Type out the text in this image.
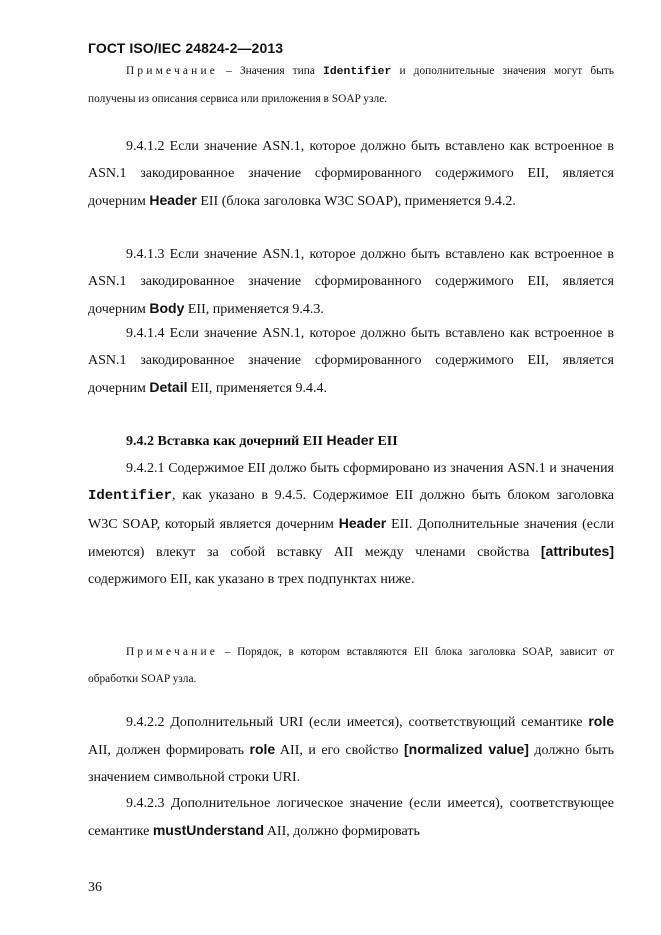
ГОСТ ISO/IEC 24824-2—2013
Примечание – Значения типа Identifier и дополнительные значения могут быть получены из описания сервиса или приложения в SOAP узле.
9.4.1.2 Если значение ASN.1, которое должно быть вставлено как встроенное в ASN.1 закодированное значение сформированного содержимого EII, является дочерним Header EII (блока заголовка W3C SOAP), применяется 9.4.2.
9.4.1.3 Если значение ASN.1, которое должно быть вставлено как встроенное в ASN.1 закодированное значение сформированного содержимого EII, является дочерним Body EII, применяется 9.4.3.
9.4.1.4 Если значение ASN.1, которое должно быть вставлено как встроенное в ASN.1 закодированное значение сформированного содержимого EII, является дочерним Detail EII, применяется 9.4.4.
9.4.2 Вставка как дочерний EII Header EII
9.4.2.1 Содержимое EII должо быть сформировано из значения ASN.1 и значения Identifier, как указано в 9.4.5. Содержимое EII должно быть блоком заголовка W3C SOAP, который является дочерним Header EII. Дополнительные значения (если имеются) влекут за собой вставку AII между членами свойства [attributes] содержимого EII, как указано в трех подпунктах ниже.
Примечание – Порядок, в котором вставляются EII блока заголовка SOAP, зависит от обработки SOAP узла.
9.4.2.2 Дополнительный URI (если имеется), соответствующий семантике role AII, должен формировать role AII, и его свойство [normalized value] должно быть значением символьной строки URI.
9.4.2.3 Дополнительное логическое значение (если имеется), соответствующее семантике mustUnderstand AII, должно формировать
36
